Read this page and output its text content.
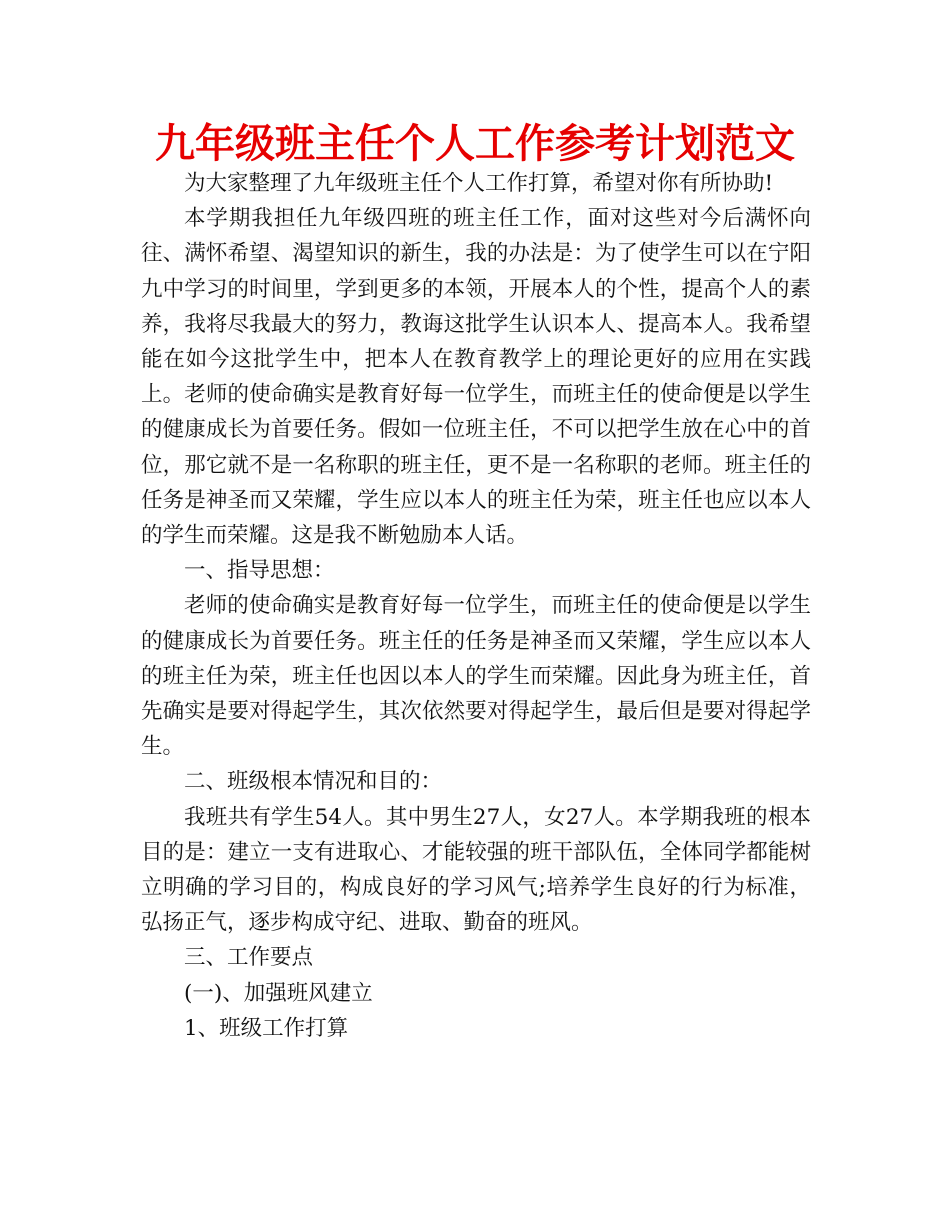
九年级班主任个人工作参考计划范文

为大家整理了九年级班主任个人工作打算，希望对你有所协助!

本学期我担任九年级四班的班主任工作，面对这些对今后满怀向往、满怀希望、渴望知识的新生，我的办法是：为了使学生可以在宁阳九中学习的时间里，学到更多的本领，开展本人的个性，提高个人的素养，我将尽我最大的努力，教诲这批学生认识本人、提高本人。我希望能在如今这批学生中，把本人在教育教学上的理论更好的应用在实践上。老师的使命确实是教育好每一位学生，而班主任的使命便是以学生的健康成长为首要任务。假如一位班主任，不可以把学生放在心中的首位，那它就不是一名称职的班主任，更不是一名称职的老师。班主任的任务是神圣而又荣耀，学生应以本人的班主任为荣，班主任也应以本人的学生而荣耀。这是我不断勉励本人话。

一、指导思想：

老师的使命确实是教育好每一位学生，而班主任的使命便是以学生的健康成长为首要任务。班主任的任务是神圣而又荣耀，学生应以本人的班主任为荣，班主任也因以本人的学生而荣耀。因此身为班主任，首先确实是要对得起学生，其次依然要对得起学生，最后但是要对得起学生。

二、班级根本情况和目的：

我班共有学生54人。其中男生27人，女27人。本学期我班的根本目的是：建立一支有进取心、才能较强的班干部队伍，全体同学都能树立明确的学习目的，构成良好的学习风气;培养学生良好的行为标准，弘扬正气，逐步构成守纪、进取、勤奋的班风。

三、工作要点

(一)、加强班风建立

1、班级工作打算
